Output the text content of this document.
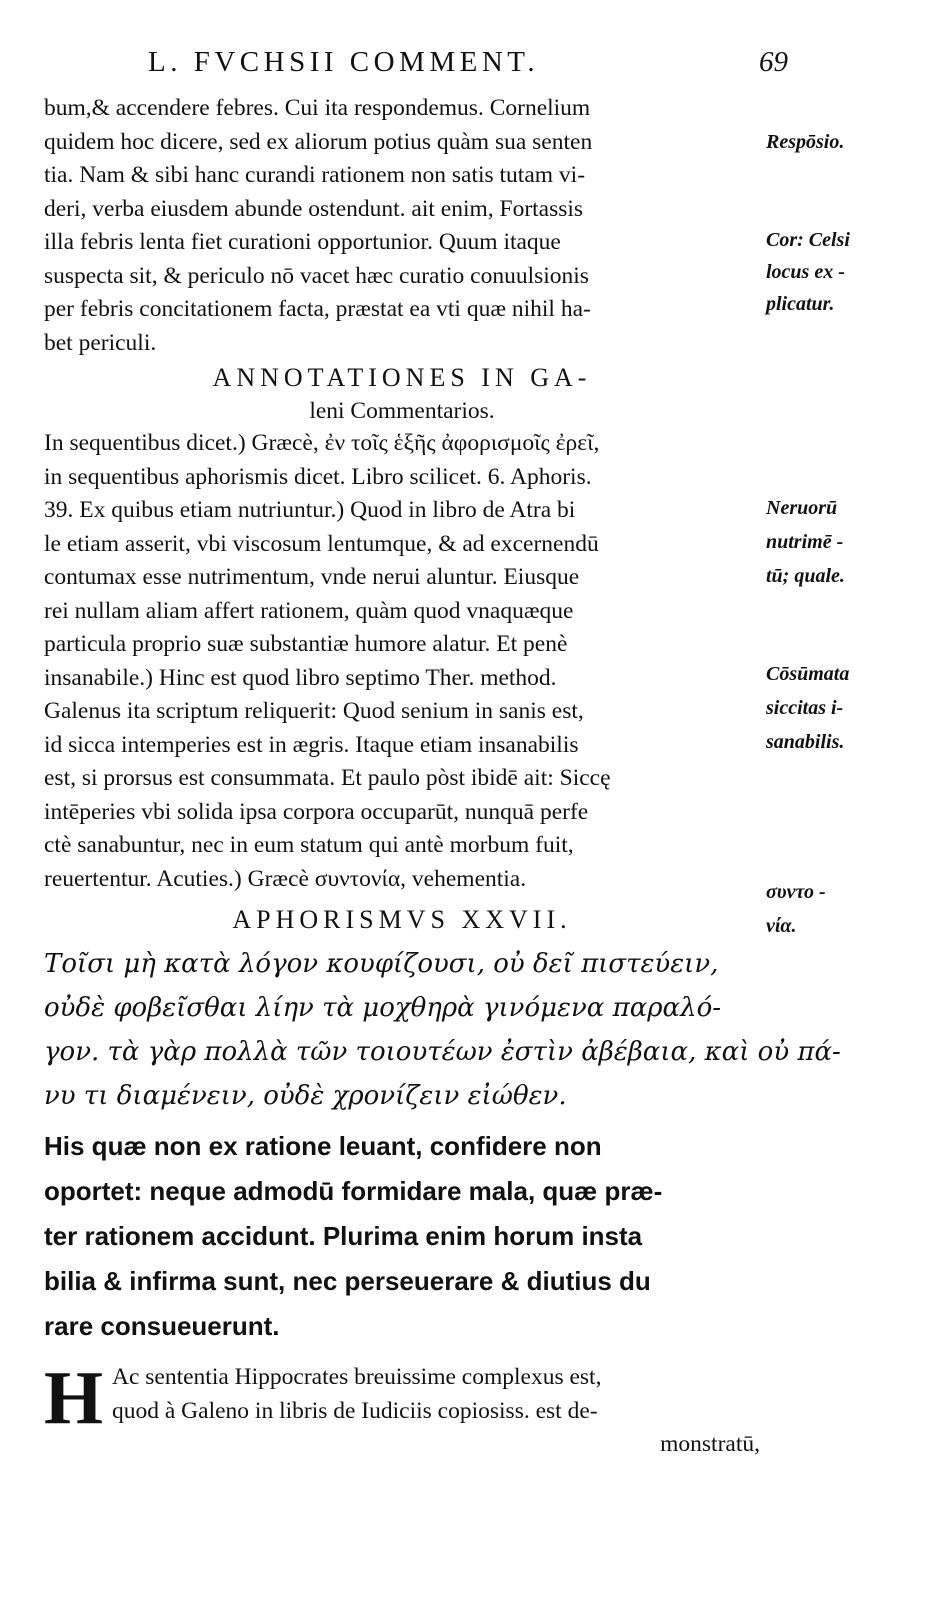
L. FVCHSII COMMENT.	69
bum,& accendere febres. Cui ita respondemus. Cornelium
quidem hoc dicere, sed ex aliorum potius quàm sua senten
tia. Nam & sibi hanc curandi rationem non satis tutam vi-
deri, verba eiusdem abunde ostendunt. ait enim, Fortassis
illa febris lenta fiet curationi opportunior. Quum itaque
suspecta sit, & periculo nō vacet hæc curatio conuulsionis
per febris concitationem facta, præstat ea vti quæ nihil ha-
bet periculi.
ANNOTATIONES IN GA-
leni Commentarios.
In sequentibus dicet.) Græcè, ἐν τοῖς ἑξῆς ἀφορισμοῖς ἐρεῖ,
in sequentibus aphorismis dicet. Libro scilicet. 6. Aphoris.
39. Ex quibus etiam nutriuntur.) Quod in libro de Atra bi
le etiam asserit, vbi viscosum lentumque, & ad excernendū
contumax esse nutrimentum, vnde nerui aluntur. Eiusque
rei nullam aliam affert rationem, quàm quod vnaquæque
particula proprio suæ substantiæ humore alatur. Et penè
insanabile.) Hinc est quod libro septimo Ther. method.
Galenus ita scriptum reliquerit: Quod senium in sanis est,
id sicca intemperies est in ægris. Itaque etiam insanabilis
est, si prorsus est consummata. Et paulo pòst ibidē ait: Siccę
intēperies vbi solida ipsa corpora occuparūt, nunquā perfe
ctè sanabuntur, nec in eum statum qui antè morbum fuit,
reuertentur. Acuties.) Græcè συντονία, vehementia.
APHORISMVS XXVII.
Τοῖσι μὴ κατὰ λόγον κουφίζουσι, οὐ δεῖ πιστεύειν,
οὐδὲ φοβεῖσθαι λίην τὰ μοχθηρὰ γινόμενα παραλό-
γον. τὰ γὰρ πολλὰ τῶν τοιουτέων ἐστὶν ἀβέβαια, καὶ οὐ πά-
νυ τι διαμένειν, οὐδὲ χρονίζειν εἰώθεν.
His quæ non ex ratione leuant, confidere non
oportet: neque admodū formidare mala, quæ præ-
ter rationem accidunt. Plurima enim horum insta
bilia & infirma sunt, nec perseuerare & diutius du
rare consueuerunt.
H Ac sententia Hippocrates breuissime complexus est,
quod à Galeno in libris de Iudiciis copiosiss. est de-
monstratū,
Respōsio.
Cor: Celsi
locus ex -
plicatur.
Neruorū
nutrimē -
tū; quale.
Cōsūmata
siccitas i-
sanabilis.
συντο -
νία.
